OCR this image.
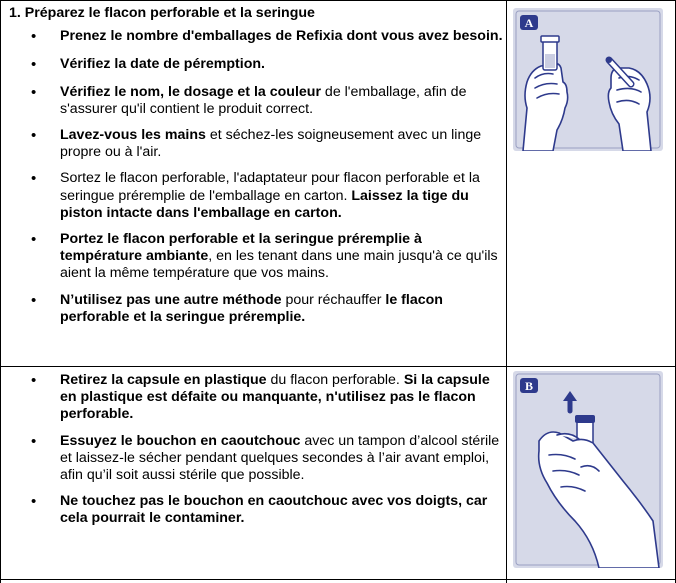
1. Préparez le flacon perforable et la seringue

• Prenez le nombre d'emballages de Refixia dont vous avez besoin.
• Vérifiez la date de péremption.
• Vérifiez le nom, le dosage et la couleur de l'emballage, afin de s'assurer qu'il contient le produit correct.
• Lavez-vous les mains et séchez-les soigneusement avec un linge propre ou à l'air.
• Sortez le flacon perforable, l'adaptateur pour flacon perforable et la seringue préremplie de l'emballage en carton. Laissez la tige du piston intacte dans l'emballage en carton.
• Portez le flacon perforable et la seringue préremplie à température ambiante, en les tenant dans une main jusqu'à ce qu'ils aient la même température que vos mains.
• N’utilisez pas une autre méthode pour réchauffer le flacon perforable et la seringue préremplie.
A
• Retirez la capsule en plastique du flacon perforable. Si la capsule en plastique est défaite ou manquante, n'utilisez pas le flacon perforable.
• Essuyez le bouchon en caoutchouc avec un tampon d’alcool stérile et laissez-le sécher pendant quelques secondes à l’air avant emploi, afin qu’il soit aussi stérile que possible.
• Ne touchez pas le bouchon en caoutchouc avec vos doigts, car cela pourrait le contaminer.
B
